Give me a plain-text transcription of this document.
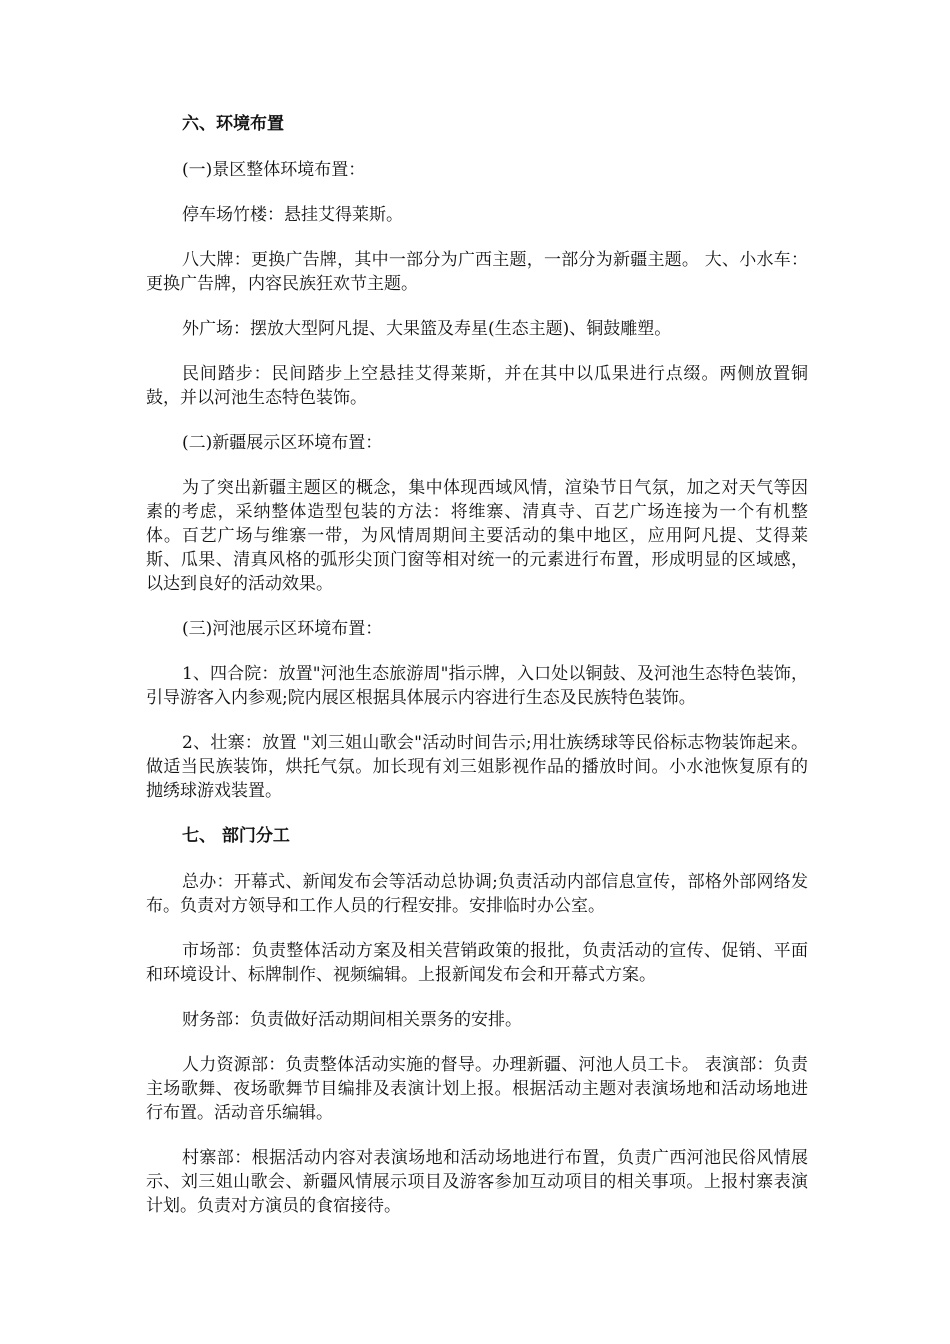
六、环境布置

(一)景区整体环境布置：

停车场竹楼：悬挂艾得莱斯。

八大牌：更换广告牌，其中一部分为广西主题，一部分为新疆主题。 大、小水车：更换广告牌，内容民族狂欢节主题。

外广场：摆放大型阿凡提、大果篮及寿星(生态主题)、铜鼓雕塑。

民间踏步：民间踏步上空悬挂艾得莱斯，并在其中以瓜果进行点缀。两侧放置铜鼓，并以河池生态特色装饰。

(二)新疆展示区环境布置：

为了突出新疆主题区的概念，集中体现西域风情，渲染节日气氛，加之对天气等因素的考虑，采纳整体造型包装的方法：将维寨、清真寺、百艺广场连接为一个有机整体。百艺广场与维寨一带，为风情周期间主要活动的集中地区，应用阿凡提、艾得莱斯、瓜果、清真风格的弧形尖顶门窗等相对统一的元素进行布置，形成明显的区域感，以达到良好的活动效果。

(三)河池展示区环境布置：

1、四合院：放置"河池生态旅游周"指示牌，入口处以铜鼓、及河池生态特色装饰，引导游客入内参观;院内展区根据具体展示内容进行生态及民族特色装饰。

2、壮寨：放置 "刘三姐山歌会"活动时间告示;用壮族绣球等民俗标志物装饰起来。做适当民族装饰，烘托气氛。加长现有刘三姐影视作品的播放时间。小水池恢复原有的抛绣球游戏装置。

七、 部门分工

总办：开幕式、新闻发布会等活动总协调;负责活动内部信息宣传，部格外部网络发布。负责对方领导和工作人员的行程安排。安排临时办公室。

市场部：负责整体活动方案及相关营销政策的报批，负责活动的宣传、促销、平面和环境设计、标牌制作、视频编辑。上报新闻发布会和开幕式方案。

财务部：负责做好活动期间相关票务的安排。

人力资源部：负责整体活动实施的督导。办理新疆、河池人员工卡。 表演部：负责主场歌舞、夜场歌舞节目编排及表演计划上报。根据活动主题对表演场地和活动场地进行布置。活动音乐编辑。

村寨部：根据活动内容对表演场地和活动场地进行布置，负责广西河池民俗风情展示、刘三姐山歌会、新疆风情展示项目及游客参加互动项目的相关事项。上报村寨表演计划。负责对方演员的食宿接待。
